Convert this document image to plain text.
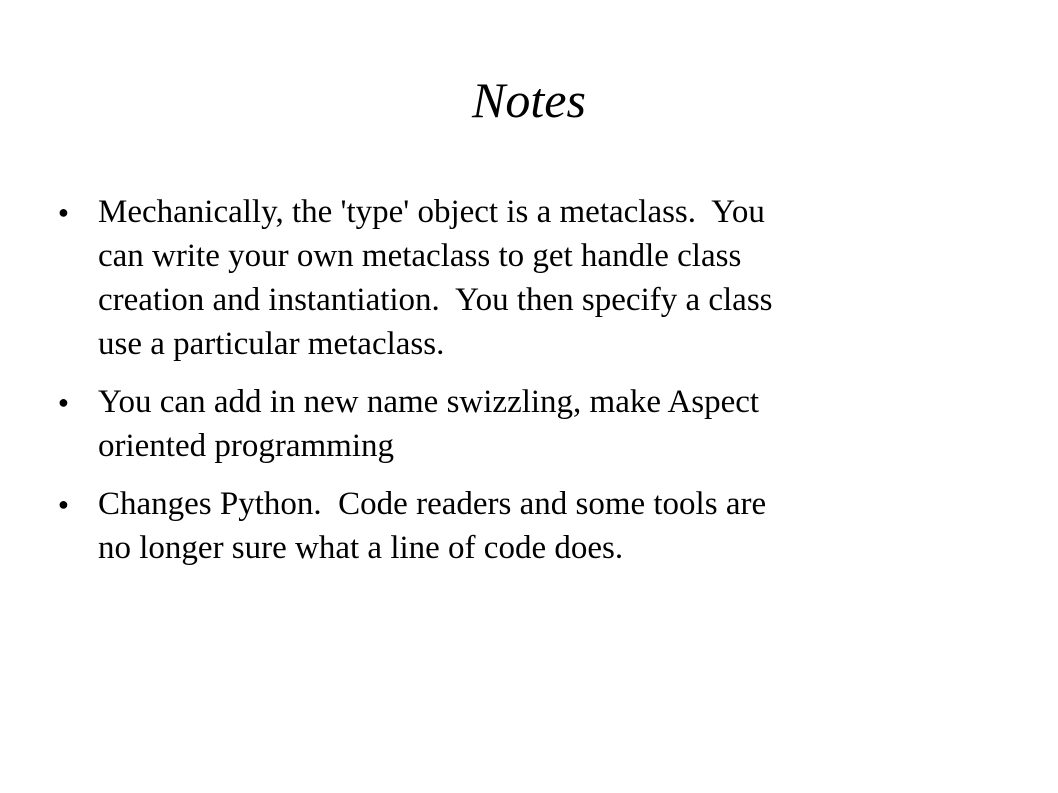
Notes
● Mechanically, the 'type' object is a metaclass.  You
can write your own metaclass to get handle class
creation and instantiation.  You then specify a class
use a particular metaclass.
● You can add in new name swizzling, make Aspect
oriented programming
● Changes Python.  Code readers and some tools are
no longer sure what a line of code does.
